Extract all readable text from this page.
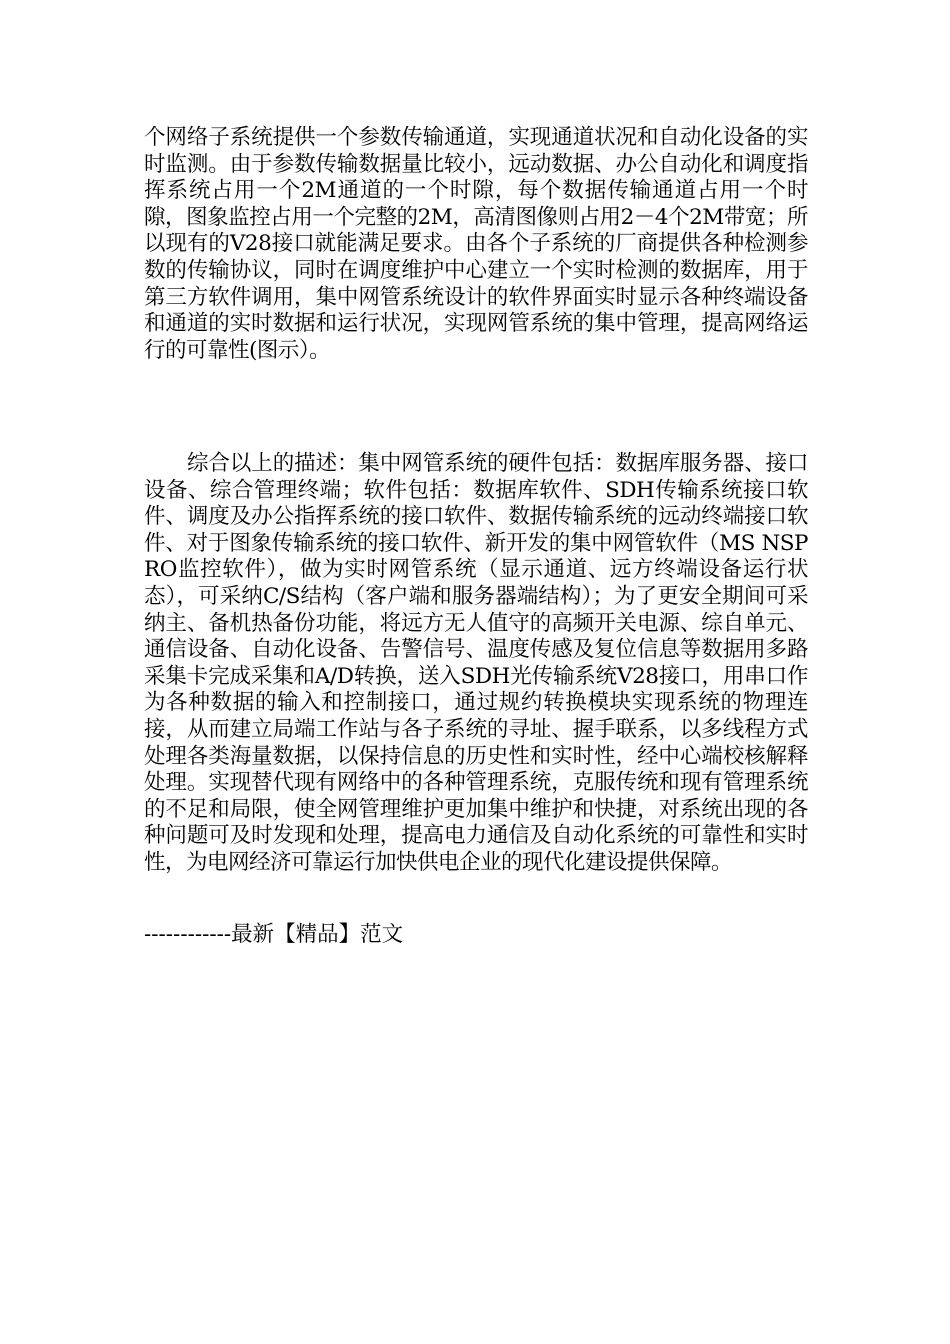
个网络子系统提供一个参数传输通道，实现通道状况和自动化设备的实时监测。由于参数传输数据量比较小，远动数据、办公自动化和调度指挥系统占用一个2M通道的一个时隙，每个数据传输通道占用一个时隙，图象监控占用一个完整的2M，高清图像则占用2－4个2M带宽；所以现有的V28接口就能满足要求。由各个子系统的厂商提供各种检测参数的传输协议，同时在调度维护中心建立一个实时检测的数据库，用于第三方软件调用，集中网管系统设计的软件界面实时显示各种终端设备和通道的实时数据和运行状况，实现网管系统的集中管理，提高网络运行的可靠性(图示）。

综合以上的描述：集中网管系统的硬件包括：数据库服务器、接口设备、综合管理终端；软件包括：数据库软件、SDH传输系统接口软件、调度及办公指挥系统的接口软件、数据传输系统的远动终端接口软件、对于图象传输系统的接口软件、新开发的集中网管软件（MS NSPRO监控软件），做为实时网管系统（显示通道、远方终端设备运行状态），可采纳C/S结构（客户端和服务器端结构）；为了更安全期间可采纳主、备机热备份功能，将远方无人值守的高频开关电源、综自单元、通信设备、自动化设备、告警信号、温度传感及复位信息等数据用多路采集卡完成采集和A/D转换，送入SDH光传输系统V28接口，用串口作为各种数据的输入和控制接口，通过规约转换模块实现系统的物理连接，从而建立局端工作站与各子系统的寻址、握手联系，以多线程方式处理各类海量数据，以保持信息的历史性和实时性，经中心端校核解释处理。实现替代现有网络中的各种管理系统，克服传统和现有管理系统的不足和局限，使全网管理维护更加集中维护和快捷，对系统出现的各种问题可及时发现和处理，提高电力通信及自动化系统的可靠性和实时性，为电网经济可靠运行加快供电企业的现代化建设提供保障。

------------最新【精品】范文
